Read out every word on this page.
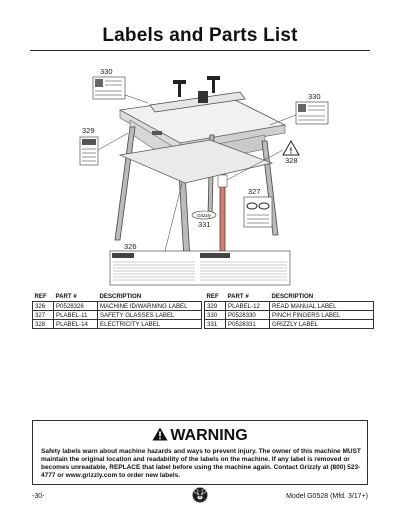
Labels and Parts List
!
Grizzly
330
330
329
328
327
331
326
REF	PART #	DESCRIPTION
326	P0528326	MACHINE ID/WARNING LABEL
327	PLABEL-11	SAFETY GLASSES LABEL
328	PLABEL-14	ELECTRICITY LABEL
REF	PART #	DESCRIPTION
329	PLABEL-12	READ MANUAL LABEL
330	P0528330	PINCH FINGERS LABEL
331	P0528331	GRIZZLY LABEL
WARNING
Safety labels warn about machine hazards and ways to prevent injury. The owner of this machine MUST maintain the original location and readability of the labels on the machine. If any label is removed or becomes unreadable, REPLACE that label before using the machine again. Contact Grizzly at (800) 523-4777 or www.grizzly.com to order new labels.
-30-	Model G0528 (Mfd. 3/17+)
